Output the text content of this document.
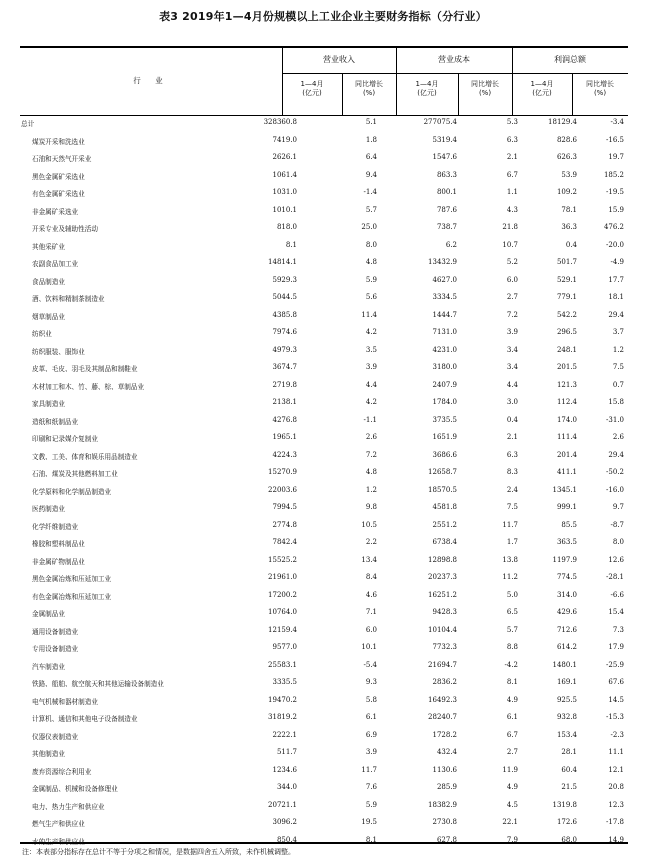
表3 2019年1—4月份规模以上工业企业主要财务指标（分行业）
行 业
营业收入	营业成本	利润总额
1—4月
(亿元)
同比增长
(%)
1—4月
(亿元)
同比增长
(%)
1—4月
(亿元)
同比增长
(%)
总计	328360.8	5.1	277075.4	5.3	18129.4	-3.4
煤炭开采和洗选业	7419.0	1.8	5319.4	6.3	828.6	-16.5
石油和天然气开采业	2626.1	6.4	1547.6	2.1	626.3	19.7
黑色金属矿采选业	1061.4	9.4	863.3	6.7	53.9	185.2
有色金属矿采选业	1031.0	-1.4	800.1	1.1	109.2	-19.5
非金属矿采选业	1010.1	5.7	787.6	4.3	78.1	15.9
开采专业及辅助性活动	818.0	25.0	738.7	21.8	36.3	476.2
其他采矿业	8.1	8.0	6.2	10.7	0.4	-20.0
农副食品加工业	14814.1	4.8	13432.9	5.2	501.7	-4.9
食品制造业	5929.3	5.9	4627.0	6.0	529.1	17.7
酒、饮料和精制茶制造业	5044.5	5.6	3334.5	2.7	779.1	18.1
烟草制品业	4385.8	11.4	1444.7	7.2	542.2	29.4
纺织业	7974.6	4.2	7131.0	3.9	296.5	3.7
纺织服装、服饰业	4979.3	3.5	4231.0	3.4	248.1	1.2
皮革、毛皮、羽毛及其制品和制鞋业	3674.7	3.9	3180.0	3.4	201.5	7.5
木材加工和木、竹、藤、棕、草制品业	2719.8	4.4	2407.9	4.4	121.3	0.7
家具制造业	2138.1	4.2	1784.0	3.0	112.4	15.8
造纸和纸制品业	4276.8	-1.1	3735.5	0.4	174.0	-31.0
印刷和记录媒介复制业	1965.1	2.6	1651.9	2.1	111.4	2.6
文教、工美、体育和娱乐用品制造业	4224.3	7.2	3686.6	6.3	201.4	29.4
石油、煤炭及其他燃料加工业	15270.9	4.8	12658.7	8.3	411.1	-50.2
化学原料和化学制品制造业	22003.6	1.2	18570.5	2.4	1345.1	-16.0
医药制造业	7994.5	9.8	4581.8	7.5	999.1	9.7
化学纤维制造业	2774.8	10.5	2551.2	11.7	85.5	-8.7
橡胶和塑料制品业	7842.4	2.2	6738.4	1.7	363.5	8.0
非金属矿物制品业	15525.2	13.4	12898.8	13.8	1197.9	12.6
黑色金属冶炼和压延加工业	21961.0	8.4	20237.3	11.2	774.5	-28.1
有色金属冶炼和压延加工业	17200.2	4.6	16251.2	5.0	314.0	-6.6
金属制品业	10764.0	7.1	9428.3	6.5	429.6	15.4
通用设备制造业	12159.4	6.0	10104.4	5.7	712.6	7.3
专用设备制造业	9577.0	10.1	7732.3	8.8	614.2	17.9
汽车制造业	25583.1	-5.4	21694.7	-4.2	1480.1	-25.9
铁路、船舶、航空航天和其他运输设备制造业	3335.5	9.3	2836.2	8.1	169.1	67.6
电气机械和器材制造业	19470.2	5.8	16492.3	4.9	925.5	14.5
计算机、通信和其他电子设备制造业	31819.2	6.1	28240.7	6.1	932.8	-15.3
仪器仪表制造业	2222.1	6.9	1728.2	6.7	153.4	-2.3
其他制造业	511.7	3.9	432.4	2.7	28.1	11.1
废弃资源综合利用业	1234.6	11.7	1130.6	11.9	60.4	12.1
金属制品、机械和设备修理业	344.0	7.6	285.9	4.9	21.5	20.8
电力、热力生产和供应业	20721.1	5.9	18382.9	4.5	1319.8	12.3
燃气生产和供应业	3096.2	19.5	2730.8	22.1	172.6	-17.8
水的生产和供应业	850.4	8.1	627.8	7.9	68.0	14.9
注：本表部分指标存在总计不等于分项之和情况，是数据四舍五入所致，未作机械调整。
